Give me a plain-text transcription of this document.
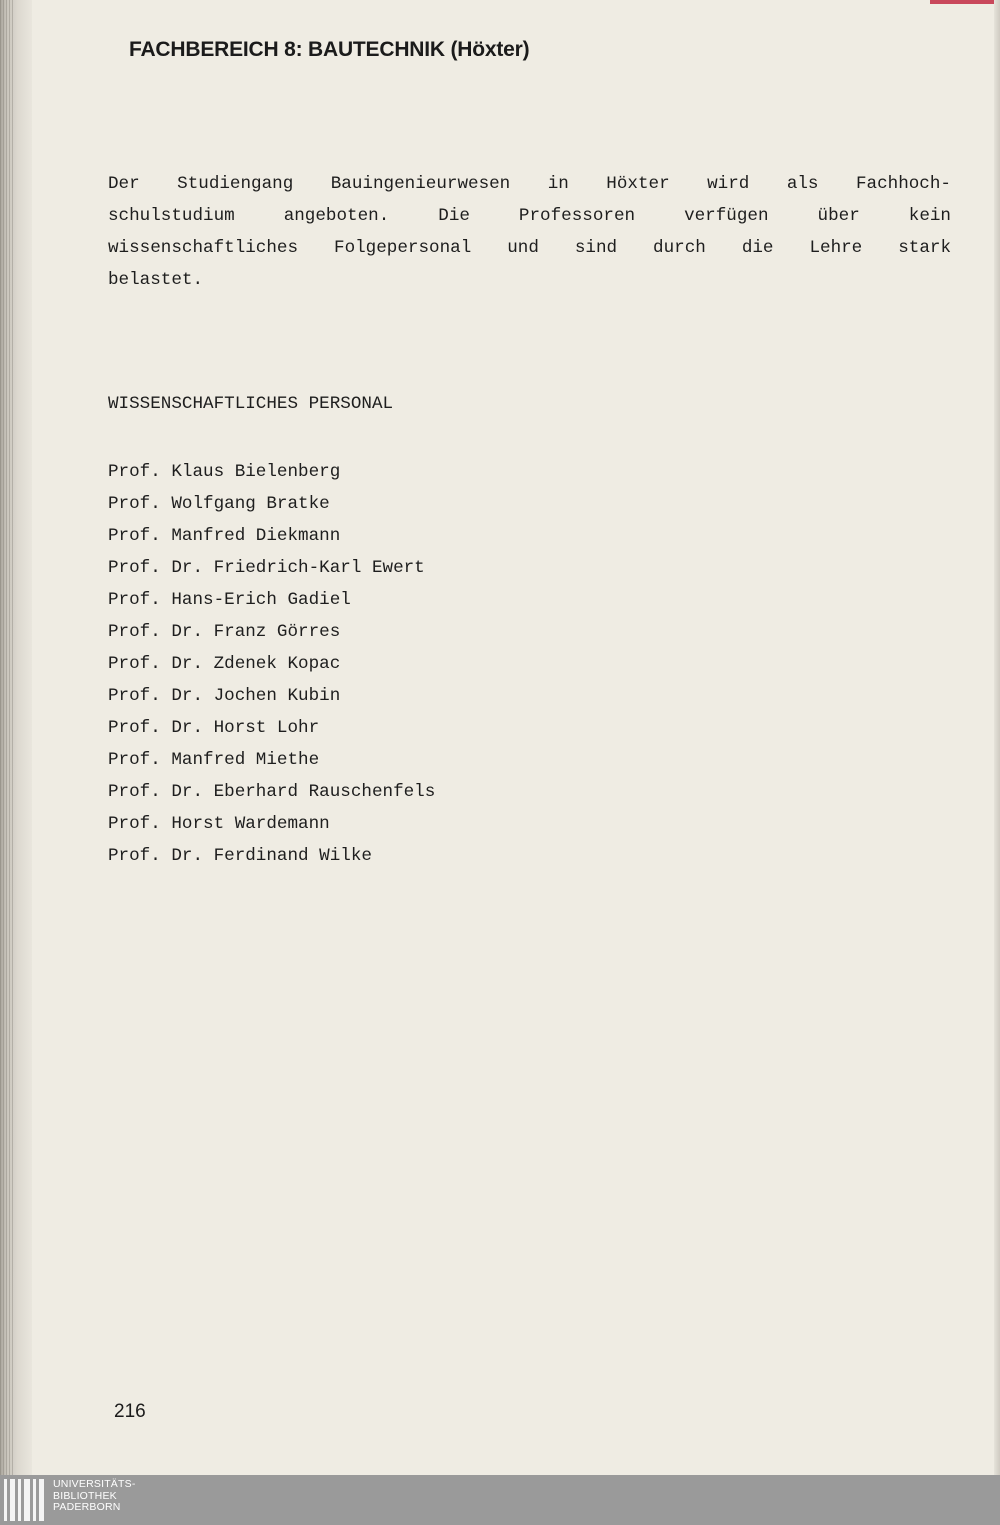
FACHBEREICH 8: BAUTECHNIK (Höxter)
Der Studiengang Bauingenieurwesen in Höxter wird als Fachhoch-
schulstudium angeboten. Die Professoren verfügen über kein
wissenschaftliches Folgepersonal und sind durch die Lehre stark
belastet.
WISSENSCHAFTLICHES PERSONAL
Prof. Klaus Bielenberg
Prof. Wolfgang Bratke
Prof. Manfred Diekmann
Prof. Dr. Friedrich-Karl Ewert
Prof. Hans-Erich Gadiel
Prof. Dr. Franz Görres
Prof. Dr. Zdenek Kopac
Prof. Dr. Jochen Kubin
Prof. Dr. Horst Lohr
Prof. Manfred Miethe
Prof. Dr. Eberhard Rauschenfels
Prof. Horst Wardemann
Prof. Dr. Ferdinand Wilke
216
UNIVERSITÄTS-
BIBLIOTHEK
PADERBORN
